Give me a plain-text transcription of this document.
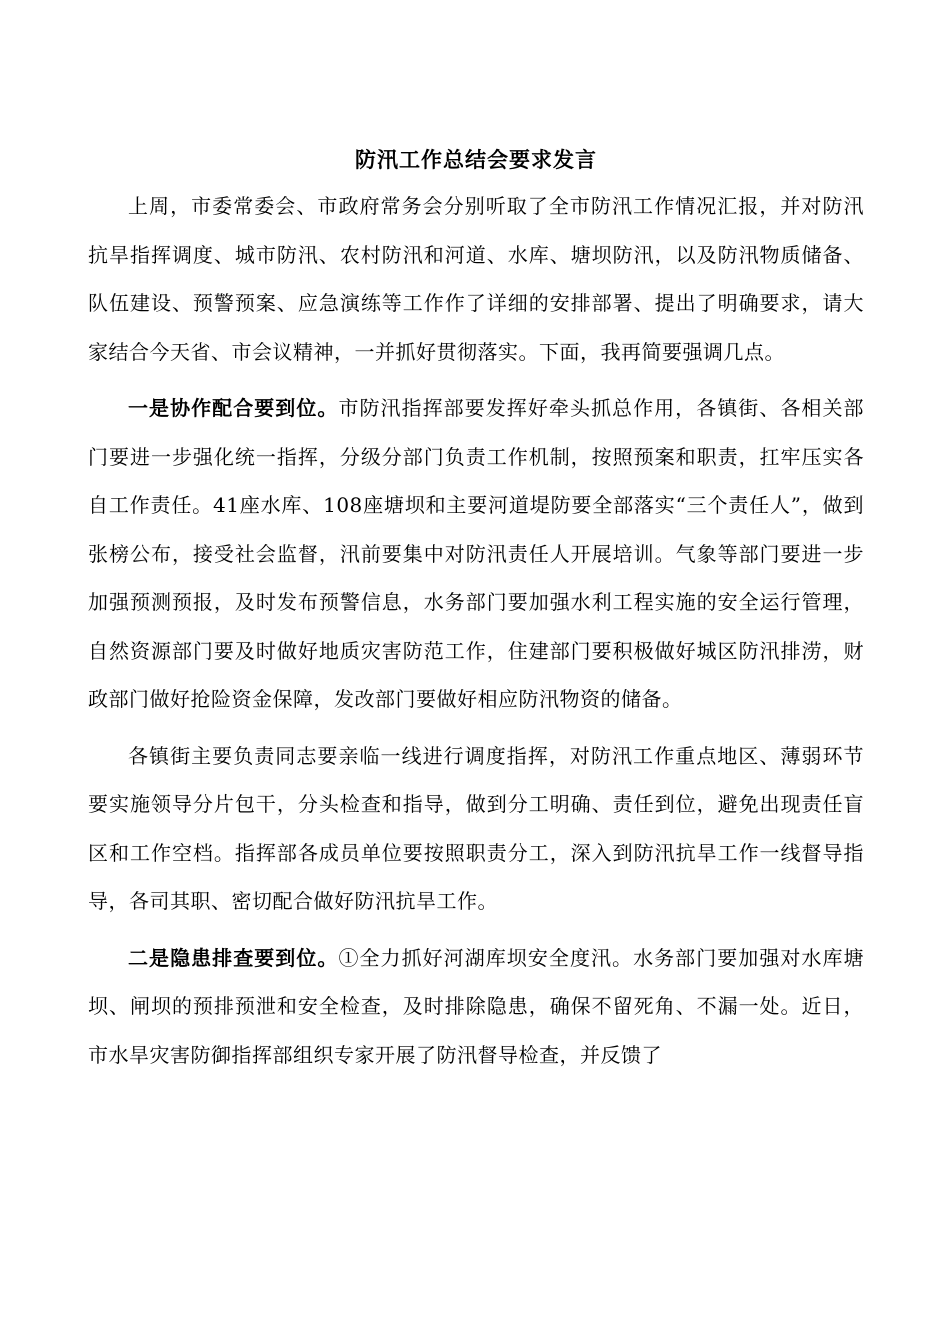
防汛工作总结会要求发言

上周，市委常委会、市政府常务会分别听取了全市防汛工作情况汇报，并对防汛抗旱指挥调度、城市防汛、农村防汛和河道、水库、塘坝防汛，以及防汛物质储备、队伍建设、预警预案、应急演练等工作作了详细的安排部署、提出了明确要求，请大家结合今天省、市会议精神，一并抓好贯彻落实。下面，我再简要强调几点。

一是协作配合要到位。市防汛指挥部要发挥好牵头抓总作用，各镇街、各相关部门要进一步强化统一指挥，分级分部门负责工作机制，按照预案和职责，扛牢压实各自工作责任。41座水库、108座塘坝和主要河道堤防要全部落实“三个责任人”，做到张榜公布，接受社会监督，汛前要集中对防汛责任人开展培训。气象等部门要进一步加强预测预报，及时发布预警信息，水务部门要加强水利工程实施的安全运行管理，自然资源部门要及时做好地质灾害防范工作，住建部门要积极做好城区防汛排涝，财政部门做好抢险资金保障，发改部门要做好相应防汛物资的储备。

各镇街主要负责同志要亲临一线进行调度指挥，对防汛工作重点地区、薄弱环节要实施领导分片包干，分头检查和指导，做到分工明确、责任到位，避免出现责任盲区和工作空档。指挥部各成员单位要按照职责分工，深入到防汛抗旱工作一线督导指导，各司其职、密切配合做好防汛抗旱工作。

二是隐患排查要到位。①全力抓好河湖库坝安全度汛。水务部门要加强对水库塘坝、闸坝的预排预泄和安全检查，及时排除隐患，确保不留死角、不漏一处。近日，市水旱灾害防御指挥部组织专家开展了防汛督导检查，并反馈了
